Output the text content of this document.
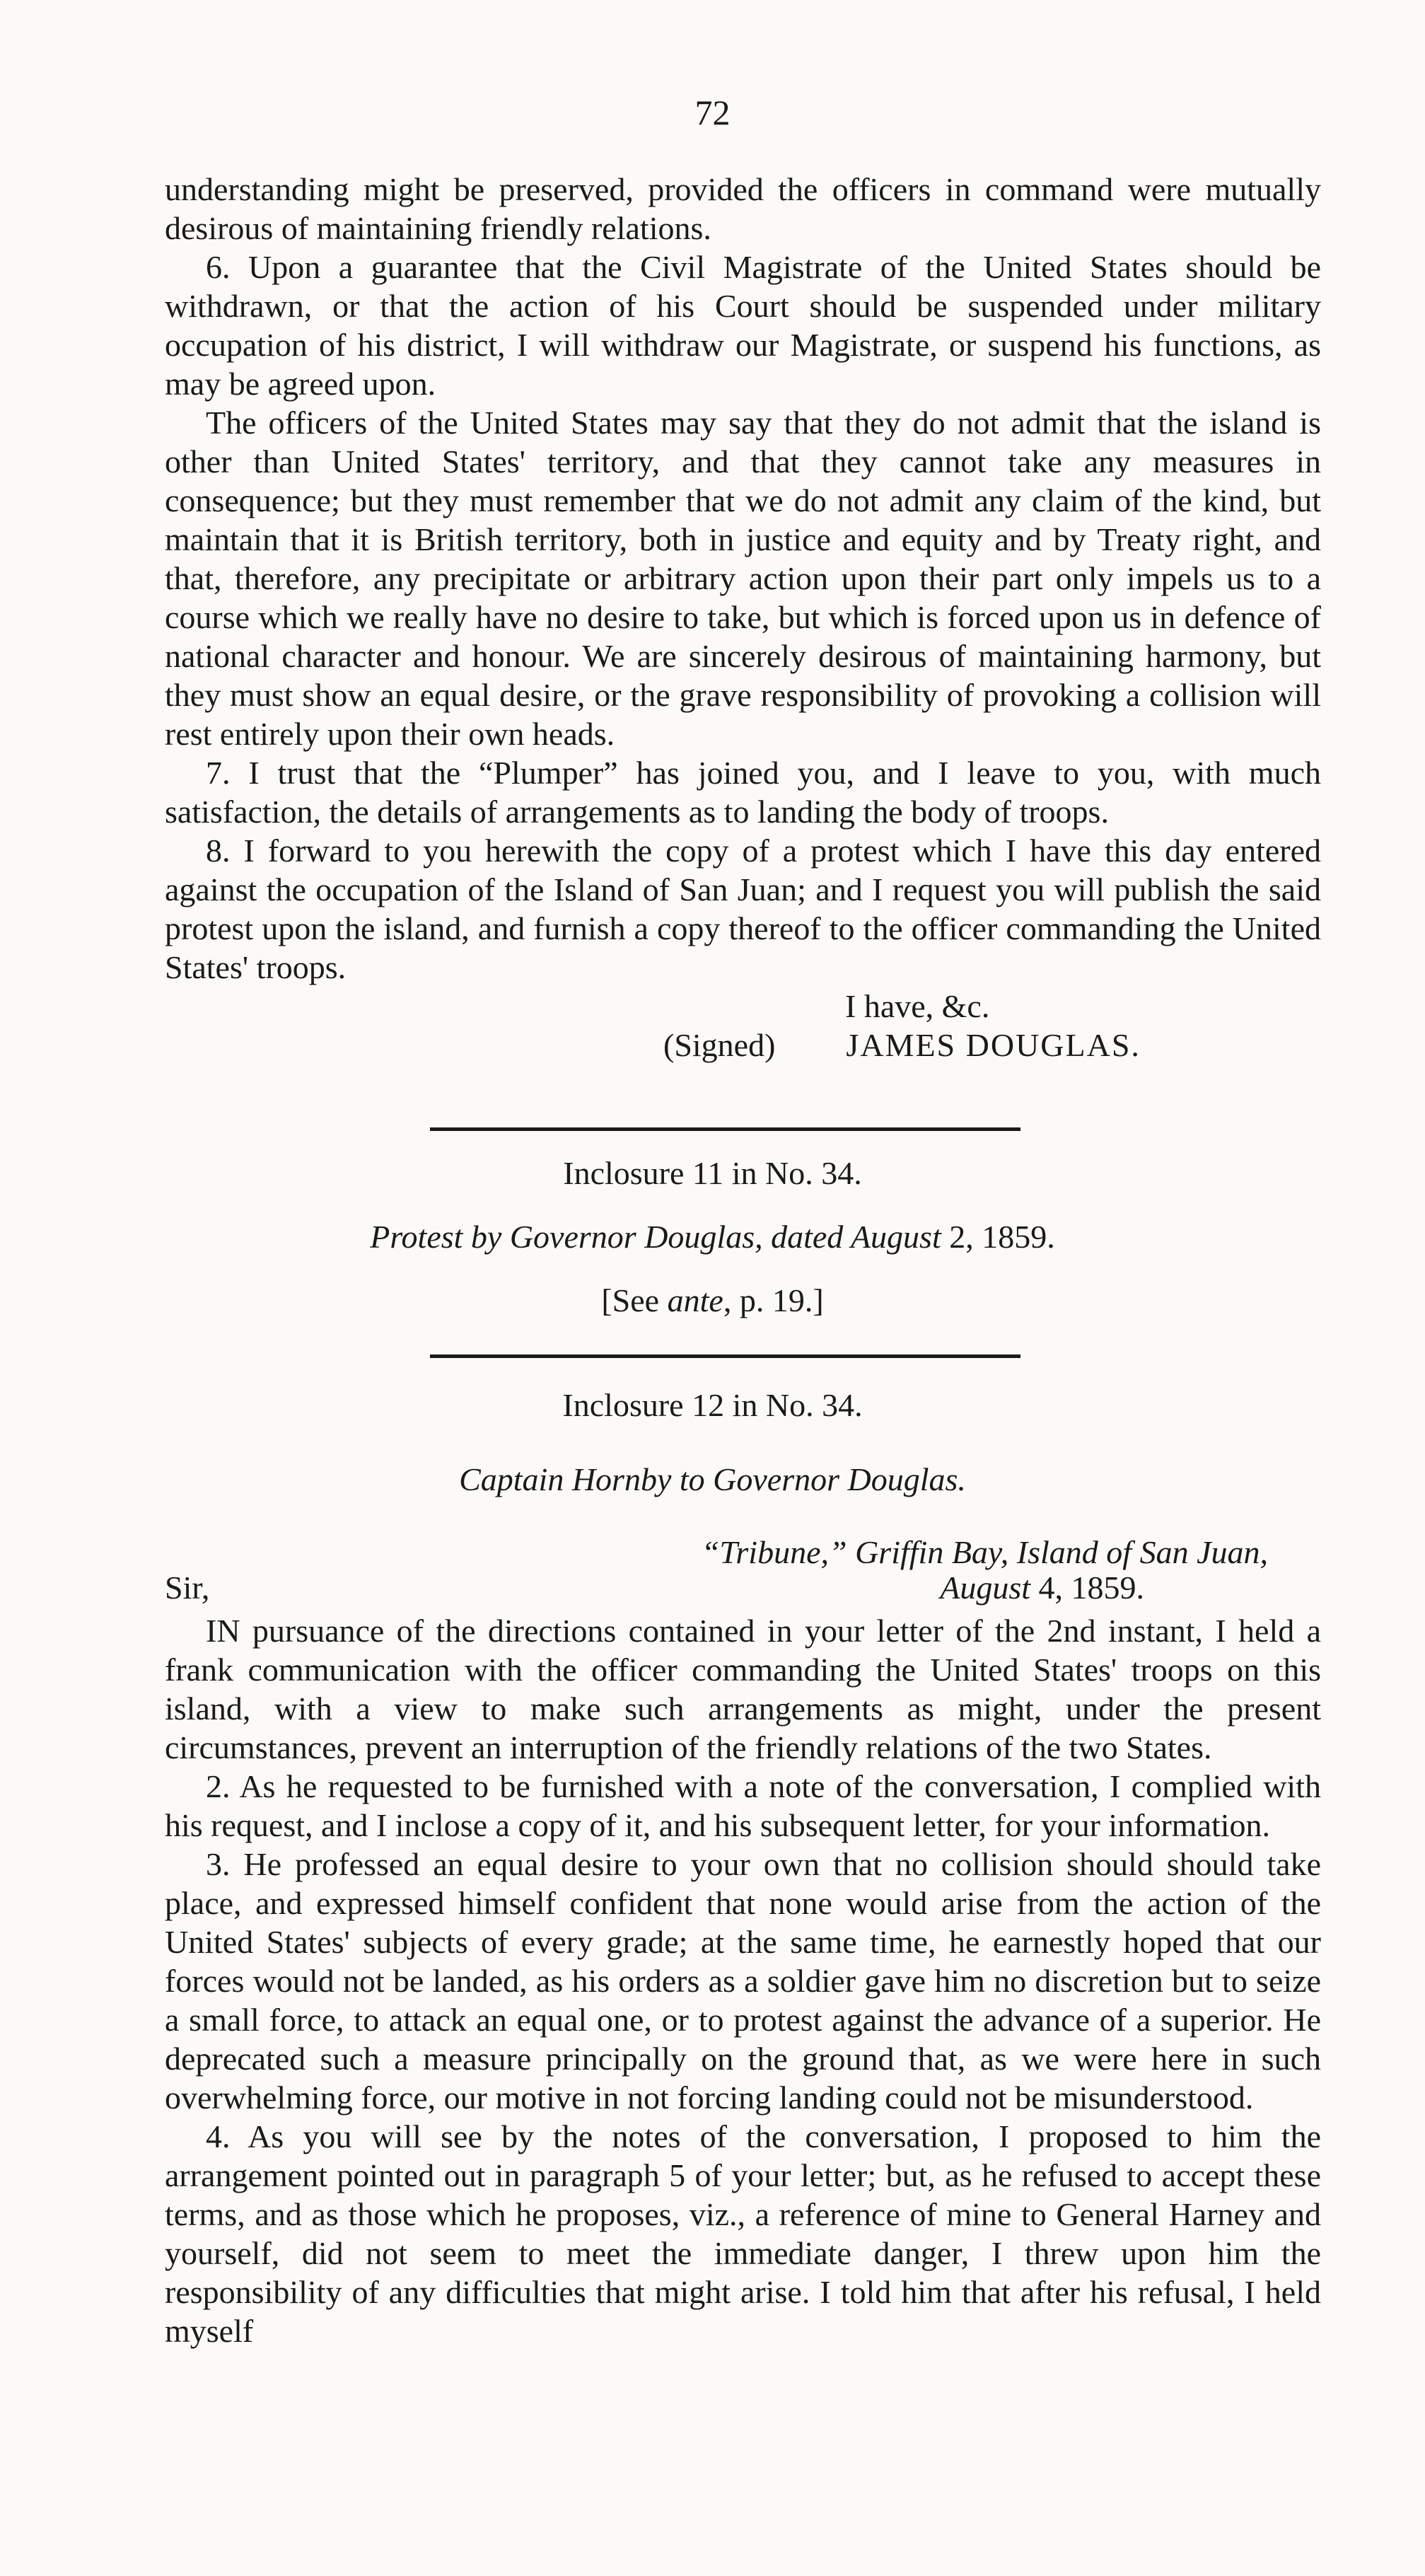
72

understanding might be preserved, provided the officers in command were mutually desirous of maintaining friendly relations.

6. Upon a guarantee that the Civil Magistrate of the United States should be withdrawn, or that the action of his Court should be suspended under military occupation of his district, I will withdraw our Magistrate, or suspend his functions, as may be agreed upon.

The officers of the United States may say that they do not admit that the island is other than United States' territory, and that they cannot take any measures in consequence; but they must remember that we do not admit any claim of the kind, but maintain that it is British territory, both in justice and equity and by Treaty right, and that, therefore, any precipitate or arbitrary action upon their part only impels us to a course which we really have no desire to take, but which is forced upon us in defence of national character and honour. We are sincerely desirous of maintaining harmony, but they must show an equal desire, or the grave responsibility of provoking a collision will rest entirely upon their own heads.

7. I trust that the “Plumper” has joined you, and I leave to you, with much satisfaction, the details of arrangements as to landing the body of troops.

8. I forward to you herewith the copy of a protest which I have this day entered against the occupation of the Island of San Juan; and I request you will publish the said protest upon the island, and furnish a copy thereof to the officer commanding the United States' troops.

I have, &c.
(Signed) JAMES DOUGLAS.
Inclosure 11 in No. 34.
Protest by Governor Douglas, dated August 2, 1859.
[See ante, p. 19.]
Inclosure 12 in No. 34.
Captain Hornby to Governor Douglas.
“Tribune,” Griffin Bay, Island of San Juan,
Sir,	August 4, 1859.

IN pursuance of the directions contained in your letter of the 2nd instant, I held a frank communication with the officer commanding the United States' troops on this island, with a view to make such arrangements as might, under the present circumstances, prevent an interruption of the friendly relations of the two States.

2. As he requested to be furnished with a note of the conversation, I complied with his request, and I inclose a copy of it, and his subsequent letter, for your information.

3. He professed an equal desire to your own that no collision should should take place, and expressed himself confident that none would arise from the action of the United States' subjects of every grade; at the same time, he earnestly hoped that our forces would not be landed, as his orders as a soldier gave him no discretion but to seize a small force, to attack an equal one, or to protest against the advance of a superior. He deprecated such a measure principally on the ground that, as we were here in such overwhelming force, our motive in not forcing landing could not be misunderstood.

4. As you will see by the notes of the conversation, I proposed to him the arrangement pointed out in paragraph 5 of your letter; but, as he refused to accept these terms, and as those which he proposes, viz., a reference of mine to General Harney and yourself, did not seem to meet the immediate danger, I threw upon him the responsibility of any difficulties that might arise. I told him that after his refusal, I held myself
